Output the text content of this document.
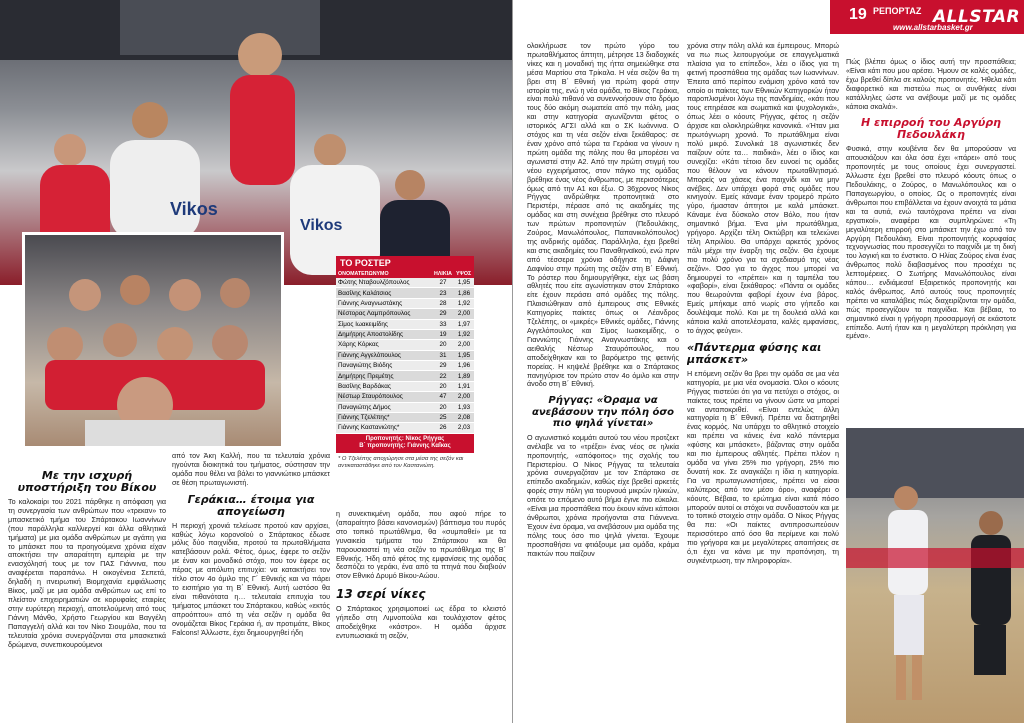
Vikos
Vikos

Με την ισχυρή υποστήριξη του Βίκου

Το καλοκαίρι του 2021 πάρθηκε η απόφαση για τη συνεργασία των ανθρώπων που «τρεκαν» το μπασκετικό τμήμα του Σπάρτακου Ιωαννίνων (που παράλληλα καλλιεργεί και άλλα αθλητικά τμήματα) με μια ομάδα ανθρώπων με αγάπη για το μπάσκετ που τα προηγούμενα χρόνια είχαν αποκτήσει την απαραίτητη εμπειρία με την ενασχόλησή τους με τον ΠΑΣ Γιάννινα, που αναφέρεται παραπάνω. Η οικογένεια Σεπετά, δηλαδή η ιτνειρωτική Βιομηχανία εμφιάλωσης Βίκος, μαζί με μια ομάδα ανθρώπων ως επί το πλείστον επιχειρηματιών σε κορυφαίες εταιρίες στην ευρύτερη περιοχή, αποτελούμενη από τους Γιάννη Μάνθο, Χρήστο Γεωργίου και Βαγγέλη Παπαγγελή αλλά και τον Νίκο Σιουμάλα, που τα τελευταία χρόνια συνεργάζονται στα μπασκετικά δρώμενα, συνεπικουρούμενοι

από τον Άκη Καλλή, που τα τελευταία χρόνια ηγούνται διοικητικά του τμήματος, σύστησαν την ομάδα που θέλει να βάλει το γιαννιώτικο μπάσκετ σε θέση πρωταγωνιστή.

Γεράκια… έτοιμα για απογείωση

Η περιοχή χρονιά τελείωσε προτού καν αρχίσει, καθώς λόγω κορονοϊού ο Σπάρτακος έδωσε μόλις δύο παιχνίδια, προτού τα πρωταθλήματα κατεβάσουν ρολά. Φέτος, όμως, έφερε το σεζόν με έναν και μοναδικό στόχο, που τον έφερε εις πέρας με απόλυτη επιτυχία: να κατακτήσει τον τίτλο στον 4ο όμιλο της Γ΄ Εθνικής και να πάρει το εισιτήριο για τη Β΄ Εθνική. Αυτή ωστόσο θα είναι πιθανότατα η… τελευταία επιτυχία του τμήματος μπάσκετ του Σπάρτακου, καθώς «εκτός απροόπτου» από τη νέα σεζόν η ομάδα θα ονομάζεται Βίκος Γεράκια ή, αν προτιμάτε, Βίκος Falcons! Άλλωστε, έχει δημιουργηθεί ήδη

η συνεκτικμένη ομάδα, που αφού πήρε το (απαραίτητο βάσει κανονισμών) βάπτισμα του πυρός στο τοπικό πρωτάθλημα, θα «συμπαθεί» με τα γυναικεία τμήματα του Σπάρτακου και θα παρουσιαστεί τη νέα σεζόν το πρωτάθλημα της Β΄ Εθνικής. Ήδη από φέτος της εμφανίσεις της ομάδας δεσπόζει το γεράκι, ένα από τα πτηνά που διαβιούν στον Εθνικό Δρυμό Βίκου-Αώου.

13 σερί νίκες

Ο Σπάρτακος χρησιμοποιεί ως έδρα το κλειστό γήπεδο στη Λιμνοπούλα και τουλάχιστον φέτος αποδείχθηκε «κάστρο». Η ομάδα άρχισε εντυπωσιακά τη σεζόν,

ΤΟ ΡΟΣΤΕΡ
ΟΝΟΜΑΤΕΠΩΝΥΜΟ	ΗΛΙΚΙΑ	ΥΨΟΣ
Φώτης Νταβουλζόπουλος	27	1,95
Βασίλης Καλάτσιος	23	1,86
Γιάννης Αναγνωστάκης	28	1,92
Νέστορας Λαμπρόπουλος	29	2,00
Σίμος Ιωακειμίδης	33	1,97
Δημήτρης Αποστολίδης	19	1,92
Χάρης Κόρκας	20	2,00
Γιάννης Αγγελόπουλος	31	1,95
Παναγιώτης Βιόδης	29	1,96
Δημήτρης Πρεμέτης	22	1,89
Βασίλης Βαρδάκας	20	1,91
Νέστωρ Σταυρόπουλος	47	2,00
Παναγιώτης Δήμος	20	1,93
Γιάννης Τζελέπης*	25	2,08
Γιάννης Καστανιώτης*	26	2,03
Προπονητής: Νίκος Ρήγγας
Β΄ προπονητής: Γιάννης Καΐκας
* Ο Τζελέπης αποχώρησε στα μέσα της σεζόν και αντικαταστάθηκε από τον Καστανιώτη.
19 ΡΕΠΟΡΤΑΖ ALLSTAR
www.allstarbasket.gr

ολοκλήρωσε τον πρώτο γύρο του πρωταθλήματος άπτητη, μέτρησε 13 διαδοχικές νίκες και η μοναδική της ήττα σημειώθηκε στα μέσα Μαρτίου στα Τρίκαλα. Η νέα σεζόν θα τη βρει στη Β΄ Εθνική για πρώτη φορά στην ιστορία της, ενώ η νέα ομάδα, το Βίκος Γεράκια, είναι πολύ πιθανό να συνεννοήσουν στο δρόμο τους δύο ακόμη σωματεία από την πόλη, μιας και στην κατηγορία αγωνίζονται φέτος ο ιστορικός ΑΓΣΙ αλλά και ο ΣΚ Ιωάννινα. Ο στόχος και τη νέα σεζόν είναι ξεκάθαρος: σε έναν χρόνο από τώρα τα Γεράκια να γίνουν η πρώτη ομάδα της πόλης που θα μπορέσει να αγωνιστεί στην Α2. Από την πρώτη στιγμή του νέου εγχειρήματος, στον πάγκο της ομάδας βρέθηκε ένας νέος άνθρωπος, με περισσότερες όμως από την Α1 και έξω. Ο 36χρονος Νίκος Ρήγγας ανδρώθηκε προπονητικά στο Περιστέρι, πέρασε από τις ακαδημίες της ομάδας και στη συνέχεια βρέθηκε στο πλευρό των πρώτων προπονητών (Πεδουλάκης, Ζούρος, Μανωλόπουλος, Παπανικολόπουλος) της ανδρικής ομάδας. Παράλληλα, έχει βρεθεί και στις ακαδημίες του Παναθηναϊκού, ενώ πριν από τέσσερα χρόνια οδήγησε τη Δάφνη Δαφνίου στην πρώτη της σεζόν στη Β΄ Εθνική. Το ρόστερ που δημιουργήθηκε, είχε ως βάση αθλητές που είτε αγωνίστηκαν στον Σπάρτακο είτε έχουν περάσει από ομάδες της πόλης. Πλαισιώθηκαν από έμπειρους στις Εθνικές Κατηγορίες παίκτες όπως οι Λέανδρος Τζελέπης, οι «μικρές» Εθνικές ομάδες, Γιάννης Αγγελόπουλος και Σίμος Ιωακειμίδης, ο Γιαννιώτης Γιάννης Αναγνωστάκης και ο αειθαλής Νέστωρ Σταυρόπουλος, που αποδείχθηκαν και το βαρόμετρο της φετινής πορείας. Η κηψελέ βρέθηκε και ο Σπάρτακος πανηγύρισε τον πρώτο στον 4ο όμιλο και στην άνοδο στη Β΄ Εθνική.

Ρήγγας: «Όραμα να ανεβάσουν την πόλη όσο πιο ψηλά γίνεται»

Ο αγωνιστικό κομμάτι αυτού του νέου προτζεκτ ανέλαβε να το «τρέξει» ένας νέος σε ηλικία προπονητής, «απόφοιτος» της σχολής του Περιστερίου. Ο Νίκος Ρήγγας τα τελευταία χρόνια συνεργαζόταν με τον Σπάρτακο σε επίπεδο ακαδημιών, καθώς είχε βρεθεί αρκετές φορές στην πόλη για τουρνουά μικρών ηλικιών, οπότε το επόμενο αυτό βήμα έγινε πιο εύκολα. «Είναι μια προσπάθεια που έκουν κάνει κάποιοι άνθρωποι, χρόνια προήγονται στα Γιάννενα. Έχουν ένα όραμα, να ανεβάσουν μια ομάδα της πόλης τους όσο πιο ψηλά γίνεται. Έχουμε προσπαθήσει να φτιάξουμε μια ομάδα, κράμα παικτών που παίζουν

χρόνια στην πόλη αλλά και έμπειρους. Μπορώ να πω πως λειτουργούμε σε επαγγελματικά πλαίσια για το επίπεδο», λέει ο ίδιος για τη φετινή προσπάθεια της ομάδας των Ιωαννίνων. Έπειτα από περίπου ενάμιση χρόνο κατά τον οποίο οι παίκτες των Εθνικών Κατηγοριών ήταν παροπλισμένοι λόγω της πανδημίας, «κάτι που τους επηρέασε και σωματικά και ψυχολογικά», όπως λέει ο κόουτς Ρήγγας, φέτος η σεζόν άρχισε και ολοκληρώθηκε κανονικά. «Ήταν μια πρωτόγνωρη χρονιά. Το πρωτάθλημα είναι πολύ μικρό. Συνολικά 18 αγωνιστικές δεν παίζουν ούτε τα… παιδικά», λέει ο ίδιος και συνεχίζει: «Κάτι τέτοιο δεν ευνοεί τις ομάδες που θέλουν να κάνουν πρωταθλητισμό. Μπορείς να χάσεις ένα παιχνίδι και να μην ανέβεις. Δεν υπάρχει φορά στις ομάδες που κινηγούν. Εμείς κάναμε έναν τρομερό πρώτο γύρο, ήμασταν άπτητοι με καλά μπάσκετ. Κάναμε ένα δύσκολο στον Βόλο, που ήταν σημαντικό βήμα. Ένα μίνι πρωτάθλημα, γρήγορο. Αρχίζει τέλη Οκτώβρη και τελειώνει τέλη Απριλίου. Θα υπάρχει αρκετός χρόνος πάλι μέχρι την έναρξη της σεζόν. Θα έχουμε πιο πολύ χρόνο για τα σχεδιασμό της νέας σεζόν». Όσο για το άγχος που μπορεί να δημιουργεί το «πρέπει» και η ταμπέλα του «φαβορί», είναι ξεκάθαρος: «Πάντα οι ομάδες που θεωρούνται φαβορί έχουν ένα βάρος. Εμείς μπήκαμε από νωρίς στο γήπεδο και δουλέψαμε πολύ. Και με τη δουλειά αλλά και κάποια καλά αποτελέσματα, καλές εμφανίσεις, το άγχος φεύγει».

«Πάντερμα φύσης και μπάσκετ»

Η επόμενη σεζόν θα βρει την ομάδα σε μια νέα κατηγορία, με μια νέα ονομασία. Όλοι ο κόουτς Ρήγγας πιστεύει ότι για να πετύχει ο στόχος, οι παίκτες τους πρέπει να γίνουν ώστε να μπορεί να ανταποκριθεί. «Είναι εντελώς άλλη κατηγορία η Β΄ Εθνική. Πρέπει να διατηρηθεί ένας κορμός. Να υπάρχει το αθλητικό στοιχείο και πρέπει να κάνεις ένα καλό πάντερμα «φύσης και μπάσκετ», βάζοντας στην ομάδα και πιο έμπειρους αθλητές. Πρέπει πλέον η ομάδα να γίνει 25% πιο γρήγορη, 25% πιο δυνατή κοκ. Σε αναγκάζει η ίδια η κατηγορία. Για να πρωταγωνιστήσεις, πρέπει να είσαι καλύτερος από τον μέσο όρο», αναφέρει ο κόουτς. Βέβαια, το ερώτημα είναι κατά πόσο μπορούν αυτοί οι στόχοι να συνδυαστούν και με το τοπικό στοιχείο στην ομάδα. Ο Νίκος Ρήγγας θα πει: «Οι παίκτες αντιπροσωπεύουν περισσότερο από όσο θα περίμενε και πολύ πιο γρήγορα και με μεγαλύτερες απαιτήσεις σε ό,τι έχει να κάνει με την προπόνηση, τη συγκέντρωση, την πληροφορία».

Πώς βλέπει όμως ο ίδιος αυτή την προσπάθεια; «Είναι κάτι που μου αρέσει. Ήμουν σε καλές ομάδες, έχω βρεθεί δίπλα σε καλούς προπονητές. Ήθελα κάτι διαφορετικό και πιστεύω πως οι συνθήκες είναι κατάλληλες ώστε να ανέβουμε μαζί με τις ομάδες κάποια σκαλιά».

Η επιρροή του Αργύρη Πεδουλάκη

Φυσικά, στην κουβέντα δεν θα μπορούσαν να απουσιάζουν και όλα όσα έχει «πάρει» από τους προπονητές με τους οποίους έχει συνεργαστεί. Άλλωστε έχει βρεθεί στο πλευρό κόουτς όπως ο Πεδουλάκης, ο Ζούρος, ο Μανωλόπουλος και ο Παπαγεωργίου, ο οποίος. Ως ο προπονητές είναι άνθρωποι που επιβάλλεται να έχουν ανοιχτά τα μάτια και τα αυτιά, ενώ ταυτόχρονα πρέπει να είναι εργατικοί», αναφέρει και συμπληρώνει: «Τη μεγαλύτερη επιρροή στο μπάσκετ την έχω από τον Αργύρη Πεδουλάκη. Είναι προπονητής κορυφαίας τεχνογνωσίας που προσεγγίζει το παιχνίδι με τη δική του λογική και το ένστικτο. Ο Ηλίας Ζούρος είναι ένας άνθρωπος πολύ διαβασμένος που προσέχει τις λεπτομέρειες. Ο Σωτήρης Μανωλόπουλος είναι κάπου… ενδιάμεσα! Εξαιρετικός προπονητής και καλός άνθρωπος. Από αυτούς τους προπονητές πρέπει να καταλάβεις πώς διαχειρίζονται την ομάδα, πώς προσεγγίζουν τα παιχνίδια. Και βέβαια, το σημαντικό είναι η γρήγορη προσαρμογή σε εκάστοτε επίπεδο. Αυτή ήταν και η μεγαλύτερη πρόκληση για εμένα».
